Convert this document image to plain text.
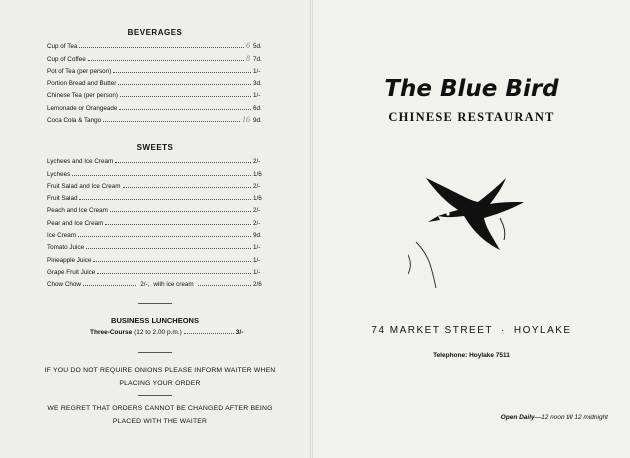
BEVERAGES
Cup of Tea	6 5d.
Cup of Coffee	8 7d.
Pot of Tea (per person)	1/-
Portion Bread and Butter	3d.
Chinese Tea (per person)	1/-
Lemonade or Orangeade	6d.
Coca Cola & Tango	16 9d.
SWEETS
Lychees and Ice Cream	2/-
Lychees	1/6
Fruit Salad and Ice Cream	2/-
Fruit Salad	1/6
Peach and Ice Cream	2/-
Pear and Ice Cream	2/-
Ice Cream	9d.
Tomato Juice	1/-
Pineapple Juice	1/-
Grape Fruit Juice	1/-
Chow Chow	2/-; with ice cream	2/6
BUSINESS LUNCHEONS
Three-Course
(12 to 2.00 p.m.)	3/-
IF YOU DO NOT REQUIRE ONIONS PLEASE INFORM WAITER WHEN PLACING YOUR ORDER
WE REGRET THAT ORDERS CANNOT BE CHANGED AFTER BEING PLACED WITH THE WAITER
The Blue Bird
CHINESE RESTAURANT
74 MARKET STREET · HOYLAKE
Telephone: Hoylake 7511
Open Daily—12 noon till 12 midnight
